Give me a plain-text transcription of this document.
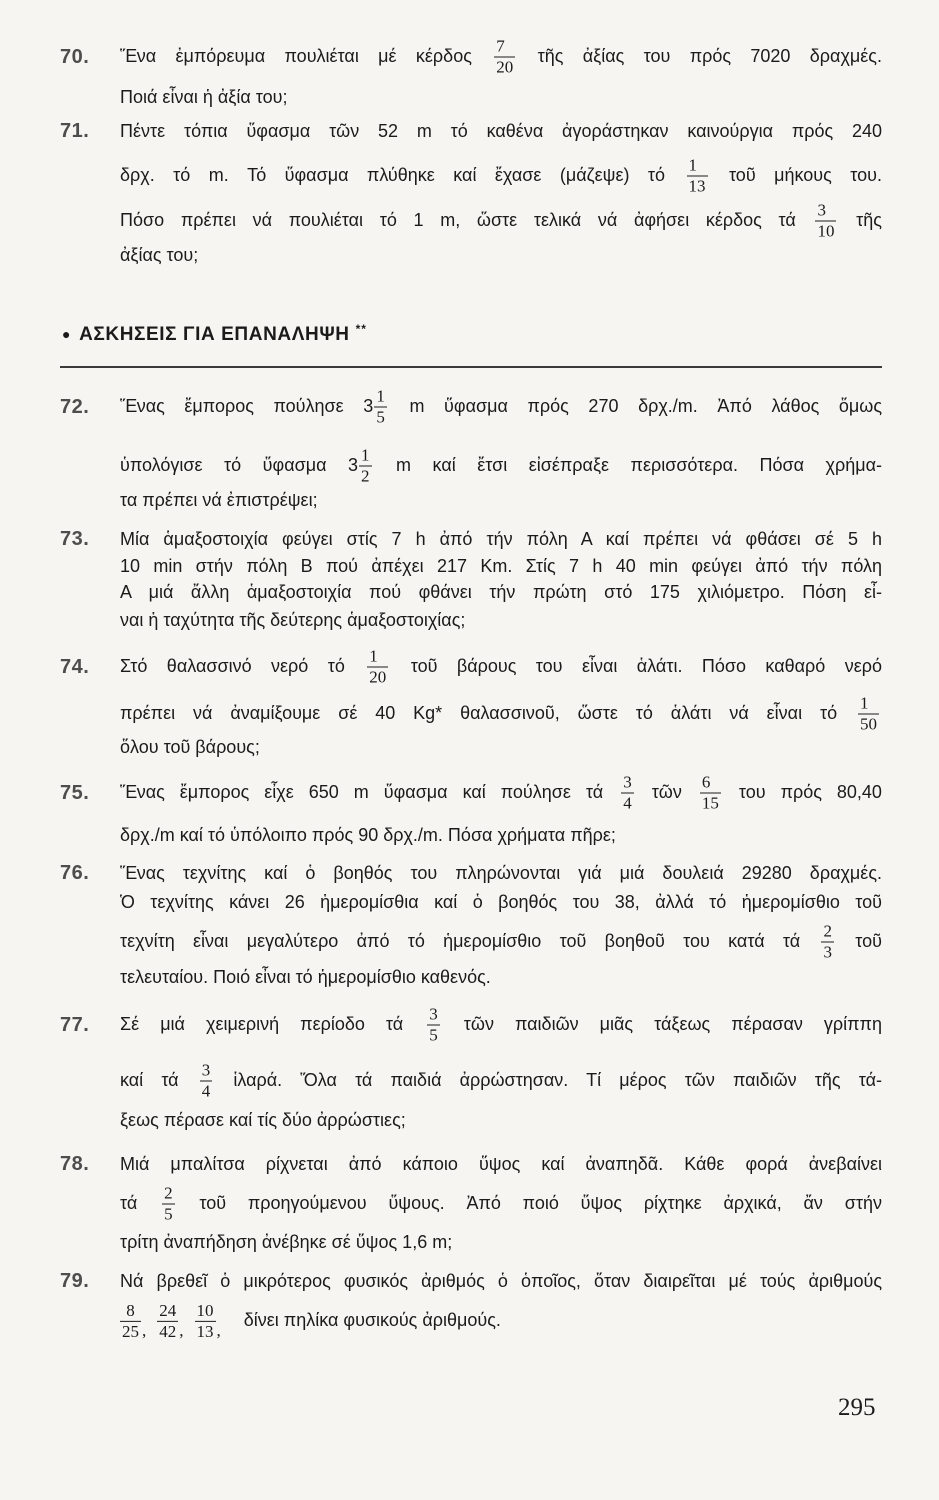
70. Ἕνα ἐμπόρευμα πουλιέται μέ κέρδος $\frac{7}{20}$ τῆς ἀξίας του πρός 7020 δραχμές.
Ποιά εἶναι ἡ ἀξία του;
71. Πέντε τόπια ὕφασμα τῶν 52 m τό καθένα ἀγοράστηκαν καινούργια πρός 240
δρχ. τό m. Τό ὕφασμα πλύθηκε καί ἔχασε (μάζεψε) τό $\frac{1}{13}$ τοῦ μήκους του.
Πόσο πρέπει νά πουλιέται τό 1 m, ὥστε τελικά νά ἀφήσει κέρδος τά $\frac{3}{10}$ τῆς
ἀξίας του;
● ΑΣΚΗΣΕΙΣ ΓΙΑ ΕΠΑΝΑΛΗΨΗ **
72. Ἕνας ἔμπορος πούλησε $3 \frac{1}{5}$ m ὕφασμα πρός 270 δρχ./m. Ἀπό λάθος ὅμως
ὑπολόγισε τό ὕφασμα $3 \frac{1}{2}$ m καί ἔτσι εἰσέπραξε περισσότερα. Πόσα χρήμα-
τα πρέπει νά ἐπιστρέψει;
73. Μία ἁμαξοστοιχία φεύγει στίς 7 h ἀπό τήν πόλη Α καί πρέπει νά φθάσει σέ 5 h
10 min στήν πόλη Β πού ἀπέχει 217 Km. Στίς 7 h 40 min φεύγει ἀπό τήν πόλη
Α μιά ἄλλη ἁμαξοστοιχία πού φθάνει τήν πρώτη στό 175 χιλιόμετρο. Πόση εἶ-
ναι ἡ ταχύτητα τῆς δεύτερης ἁμαξοστοιχίας;
74. Στό θαλασσινό νερό τό $\frac{1}{20}$ τοῦ βάρους του εἶναι ἁλάτι. Πόσο καθαρό νερό
πρέπει νά ἀναμίξουμε σέ 40 Kg* θαλασσινοῦ, ὥστε τό ἁλάτι νά εἶναι τό $\frac{1}{50}$
ὅλου τοῦ βάρους;
75. Ἕνας ἔμπορος εἶχε 650 m ὕφασμα καί πούλησε τά $\frac{3}{4}$ τῶν $\frac{6}{15}$ του πρός 80,40
δρχ./m καί τό ὑπόλοιπο πρός 90 δρχ./m. Πόσα χρήματα πῆρε;
76. Ἕνας τεχνίτης καί ὁ βοηθός του πληρώνονται γιά μιά δουλειά 29280 δραχμές.
Ὁ τεχνίτης κάνει 26 ἡμερομίσθια καί ὁ βοηθός του 38, ἀλλά τό ἡμερομίσθιο τοῦ
τεχνίτη εἶναι μεγαλύτερο ἀπό τό ἡμερομίσθιο τοῦ βοηθοῦ του κατά τά $\frac{2}{3}$ τοῦ
τελευταίου. Ποιό εἶναι τό ἡμερομίσθιο καθενός.
77. Σέ μιά χειμερινή περίοδο τά $\frac{3}{5}$ τῶν παιδιῶν μιᾶς τάξεως πέρασαν γρίππη
καί τά $\frac{3}{4}$ ἱλαρά. Ὅλα τά παιδιά ἀρρώστησαν. Τί μέρος τῶν παιδιῶν τῆς τά-
ξεως πέρασε καί τίς δύο ἀρρώστιες;
78. Μιά μπαλίτσα ρίχνεται ἀπό κάποιο ὕψος καί ἀναπηδᾶ. Κάθε φορά ἀνεβαίνει
τά $\frac{2}{5}$ τοῦ προηγούμενου ὕψους. Ἀπό ποιό ὕψος ρίχτηκε ἀρχικά, ἄν στήν
τρίτη ἀναπήδηση ἀνέβηκε σέ ὕψος 1,6 m;
79. Νά βρεθεῖ ὁ μικρότερος φυσικός ἀριθμός ὁ ὁποῖος, ὅταν διαιρεῖται μέ τούς ἀριθμούς
$\frac{8}{25}$ , $\frac{24}{42}$ , $\frac{10}{13}$ ,   δίνει πηλίκα φυσικούς ἀριθμούς.
295
